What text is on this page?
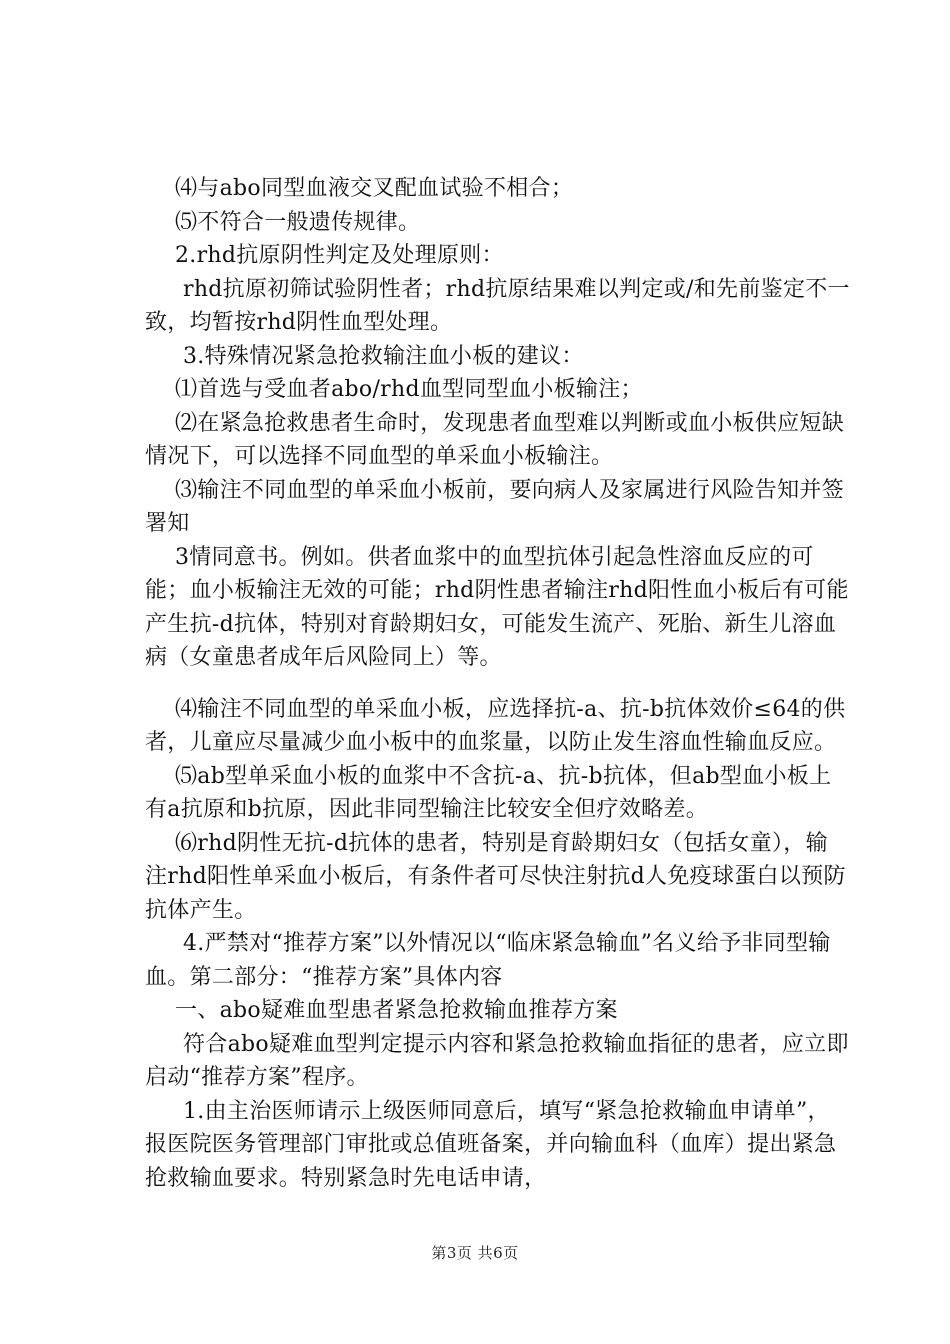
⑷与abo同型血液交叉配血试验不相合；

⑸不符合一般遗传规律。

2.rhd抗原阴性判定及处理原则：

rhd抗原初筛试验阴性者；rhd抗原结果难以判定或/和先前鉴定不一致，均暂按rhd阴性血型处理。

3.特殊情况紧急抢救输注血小板的建议：

⑴首选与受血者abo/rhd血型同型血小板输注；

⑵在紧急抢救患者生命时，发现患者血型难以判断或血小板供应短缺情况下，可以选择不同血型的单采血小板输注。

⑶输注不同血型的单采血小板前，要向病人及家属进行风险告知并签署知

3情同意书。例如。供者血浆中的血型抗体引起急性溶血反应的可能；血小板输注无效的可能；rhd阴性患者输注rhd阳性血小板后有可能产生抗-d抗体，特别对育龄期妇女，可能发生流产、死胎、新生儿溶血病（女童患者成年后风险同上）等。

⑷输注不同血型的单采血小板，应选择抗-a、抗-b抗体效价≤64的供者，儿童应尽量减少血小板中的血浆量，以防止发生溶血性输血反应。

⑸ab型单采血小板的血浆中不含抗-a、抗-b抗体，但ab型血小板上有a抗原和b抗原，因此非同型输注比较安全但疗效略差。

⑹rhd阴性无抗-d抗体的患者，特别是育龄期妇女（包括女童），输注rhd阳性单采血小板后，有条件者可尽快注射抗d人免疫球蛋白以预防抗体产生。

4.严禁对“推荐方案”以外情况以“临床紧急输血”名义给予非同型输血。第二部分：“推荐方案”具体内容

一、abo疑难血型患者紧急抢救输血推荐方案

符合abo疑难血型判定提示内容和紧急抢救输血指征的患者，应立即启动“推荐方案”程序。

1.由主治医师请示上级医师同意后，填写“紧急抢救输血申请单”，报医院医务管理部门审批或总值班备案，并向输血科（血库）提出紧急抢救输血要求。特别紧急时先电话申请，

第3页 共6页
